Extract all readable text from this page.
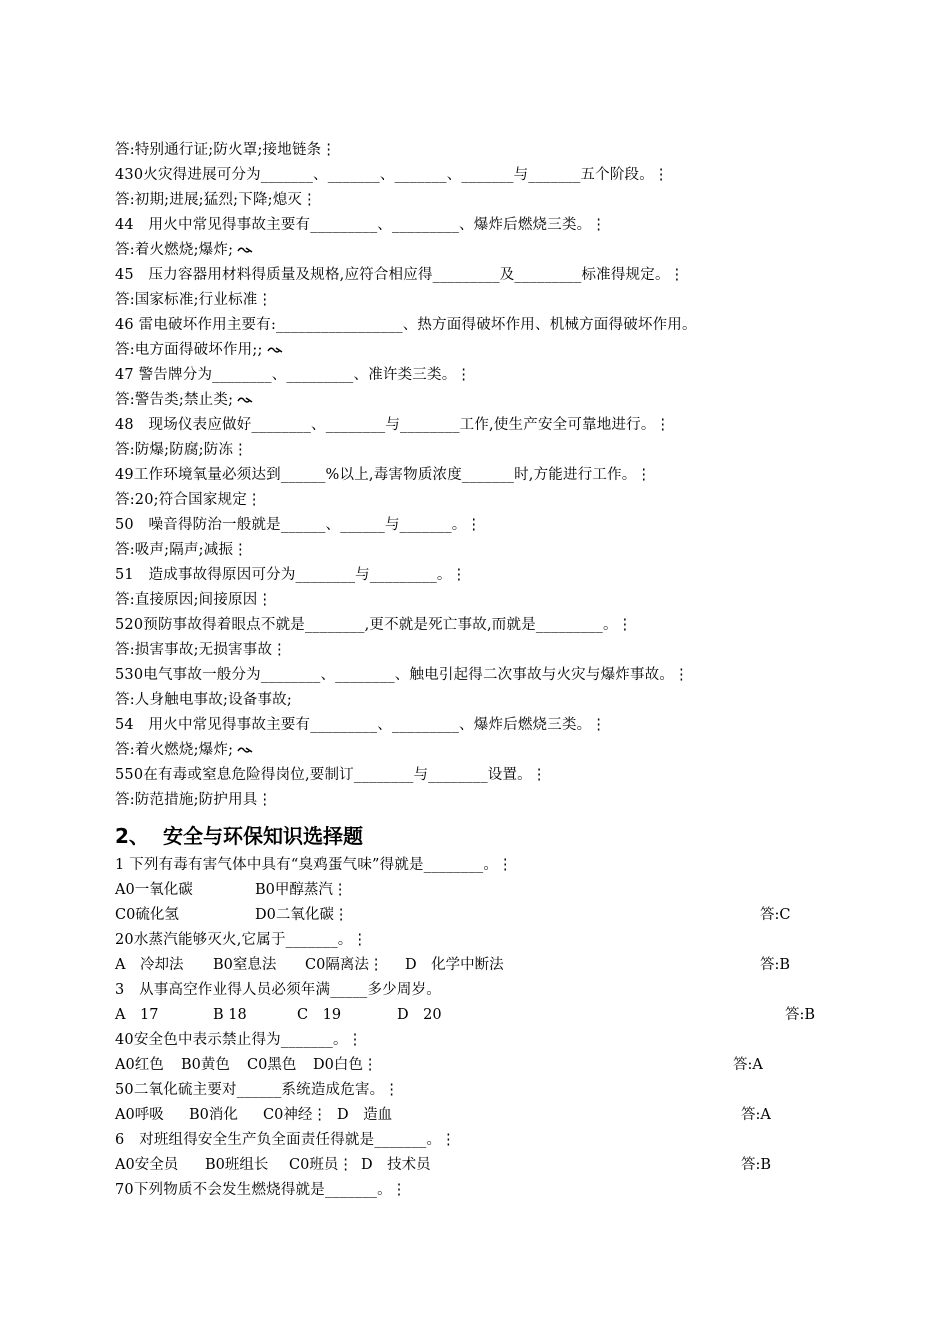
答:特别通行证;防火罩;接地链条⋮
430火灾得进展可分为_______、_______、_______、_______与_______五个阶段。⋮
答:初期;进展;猛烈;下降;熄灭⋮
44　用火中常见得事故主要有_________、_________、爆炸后燃烧三类。⋮
答:着火燃烧;爆炸;
45　压力容器用材料得质量及规格,应符合相应得_________及_________标准得规定。⋮
答:国家标准;行业标准⋮
46 雷电破坏作用主要有:_________________、热方面得破坏作用、机械方面得破坏作用。
答:电方面得破坏作用;;
47 警告牌分为________、_________、准许类三类。⋮
答:警告类;禁止类;
48　现场仪表应做好________、________与________工作,使生产安全可靠地进行。⋮
答:防爆;防腐;防冻⋮
49工作环境氧量必须达到______%以上,毒害物质浓度_______时,方能进行工作。⋮
答:20;符合国家规定⋮
50　噪音得防治一般就是______、______与_______。⋮
答:吸声;隔声;减振⋮
51　造成事故得原因可分为________与_________。⋮
答:直接原因;间接原因⋮
520预防事故得着眼点不就是________,更不就是死亡事故,而就是_________。⋮
答:损害事故;无损害事故⋮
530电气事故一般分为________、________、触电引起得二次事故与火灾与爆炸事故。⋮
答:人身触电事故;设备事故;
54　用火中常见得事故主要有_________、_________、爆炸后燃烧三类。⋮
答:着火燃烧;爆炸;
550在有毒或窒息危险得岗位,要制订________与________设置。⋮
答:防范措施;防护用具⋮
2、 安全与环保知识选择题
1 下列有毒有害气体中具有“臭鸡蛋气味”得就是________。⋮
A0一氧化碳	B0甲醇蒸汽⋮
C0硫化氢	D0二氧化碳⋮	答:C
20水蒸汽能够灭火,它属于_______。⋮
A　冷却法 B0窒息法 C0隔离法⋮ D　化学中断法	答:B
3　从事高空作业得人员必须年满_____多少周岁。
A　17	B 18	C　19	D　20	答:B
40安全色中表示禁止得为_______。⋮
A0红色 B0黄色 C0黑色 D0白色⋮	答:A
50二氧化硫主要对______系统造成危害。⋮
A0呼吸 B0消化 C0神经⋮ D　造血	答:A
6　对班组得安全生产负全面责任得就是_______。⋮
A0安全员 B0班组长 C0班员⋮ D　技术员	答:B
70下列物质不会发生燃烧得就是_______。⋮
